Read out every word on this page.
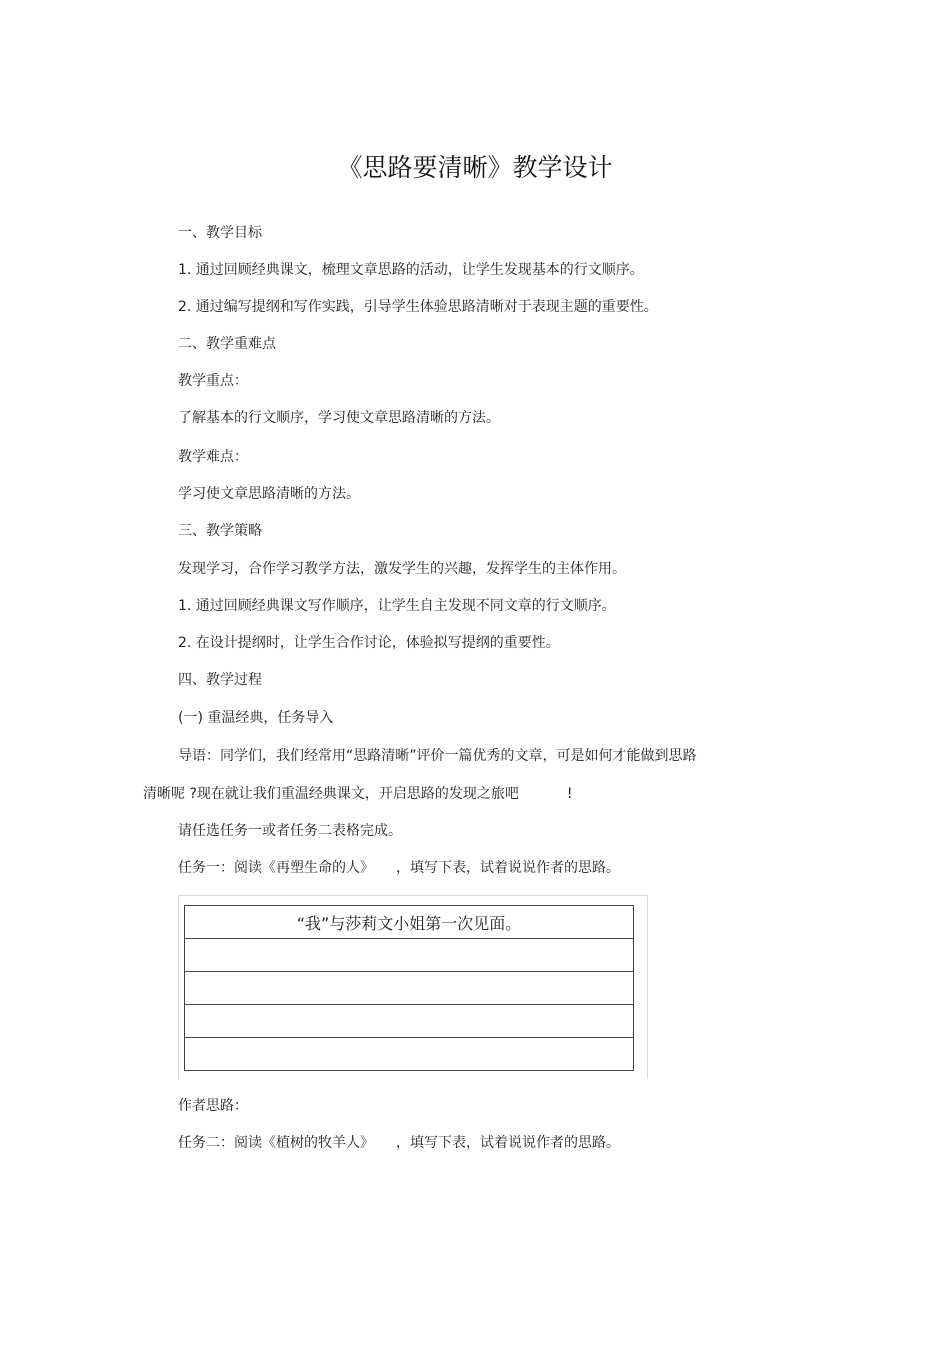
《思路要清晰》教学设计
一、教学目标
1. 通过回顾经典课文，梳理文章思路的活动，让学生发现基本的行文顺序。
2. 通过编写提纲和写作实践，引导学生体验思路清晰对于表现主题的重要性。
二、教学重难点
教学重点：
了解基本的行文顺序，学习使文章思路清晰的方法。
教学难点：
学习使文章思路清晰的方法。
三、教学策略
发现学习，合作学习教学方法，激发学生的兴趣，发挥学生的主体作用。
1. 通过回顾经典课文写作顺序，让学生自主发现不同文章的行文顺序。
2. 在设计提纲时，让学生合作讨论，体验拟写提纲的重要性。
四、教学过程
(一) 重温经典，任务导入
导语：同学们，我们经常用“思路清晰”评价一篇优秀的文章，可是如何才能做到思路
清晰呢 ?现在就让我们重温经典课文，开启思路的发现之旅吧	!
请任选任务一或者任务二表格完成。
任务一：阅读《再塑生命的人》 ，填写下表，试着说说作者的思路。
“我”与莎莉文小姐第一次见面。

作者思路：
任务二：阅读《植树的牧羊人》 ，填写下表，试着说说作者的思路。
